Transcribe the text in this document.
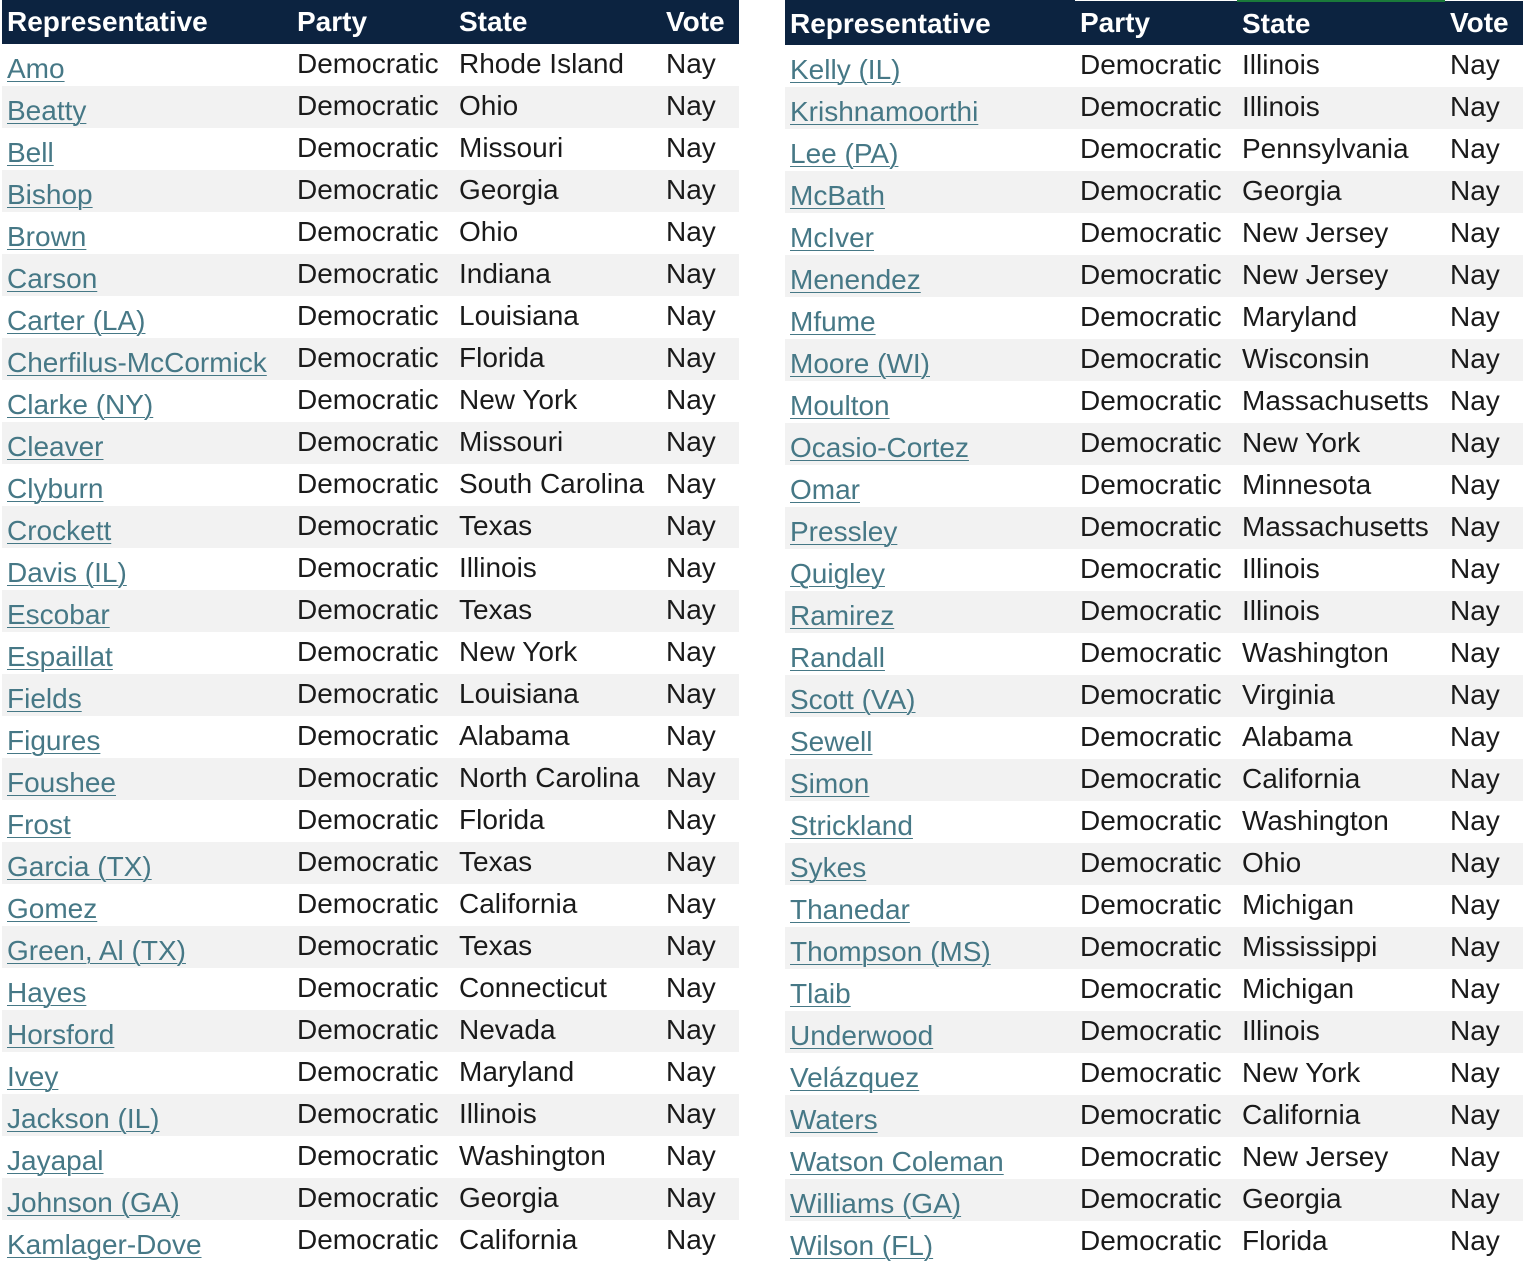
Representative	Party	State	Vote
Amo	Democratic	Rhode Island	Nay
Beatty	Democratic	Ohio	Nay
Bell	Democratic	Missouri	Nay
Bishop	Democratic	Georgia	Nay
Brown	Democratic	Ohio	Nay
Carson	Democratic	Indiana	Nay
Carter (LA)	Democratic	Louisiana	Nay
Cherfilus-McCormick	Democratic	Florida	Nay
Clarke (NY)	Democratic	New York	Nay
Cleaver	Democratic	Missouri	Nay
Clyburn	Democratic	South Carolina	Nay
Crockett	Democratic	Texas	Nay
Davis (IL)	Democratic	Illinois	Nay
Escobar	Democratic	Texas	Nay
Espaillat	Democratic	New York	Nay
Fields	Democratic	Louisiana	Nay
Figures	Democratic	Alabama	Nay
Foushee	Democratic	North Carolina	Nay
Frost	Democratic	Florida	Nay
Garcia (TX)	Democratic	Texas	Nay
Gomez	Democratic	California	Nay
Green, Al (TX)	Democratic	Texas	Nay
Hayes	Democratic	Connecticut	Nay
Horsford	Democratic	Nevada	Nay
Ivey	Democratic	Maryland	Nay
Jackson (IL)	Democratic	Illinois	Nay
Jayapal	Democratic	Washington	Nay
Johnson (GA)	Democratic	Georgia	Nay
Kamlager-Dove	Democratic	California	Nay
Representative	Party	State	Vote
Kelly (IL)	Democratic	Illinois	Nay
Krishnamoorthi	Democratic	Illinois	Nay
Lee (PA)	Democratic	Pennsylvania	Nay
McBath	Democratic	Georgia	Nay
McIver	Democratic	New Jersey	Nay
Menendez	Democratic	New Jersey	Nay
Mfume	Democratic	Maryland	Nay
Moore (WI)	Democratic	Wisconsin	Nay
Moulton	Democratic	Massachusetts	Nay
Ocasio-Cortez	Democratic	New York	Nay
Omar	Democratic	Minnesota	Nay
Pressley	Democratic	Massachusetts	Nay
Quigley	Democratic	Illinois	Nay
Ramirez	Democratic	Illinois	Nay
Randall	Democratic	Washington	Nay
Scott (VA)	Democratic	Virginia	Nay
Sewell	Democratic	Alabama	Nay
Simon	Democratic	California	Nay
Strickland	Democratic	Washington	Nay
Sykes	Democratic	Ohio	Nay
Thanedar	Democratic	Michigan	Nay
Thompson (MS)	Democratic	Mississippi	Nay
Tlaib	Democratic	Michigan	Nay
Underwood	Democratic	Illinois	Nay
Velázquez	Democratic	New York	Nay
Waters	Democratic	California	Nay
Watson Coleman	Democratic	New Jersey	Nay
Williams (GA)	Democratic	Georgia	Nay
Wilson (FL)	Democratic	Florida	Nay
